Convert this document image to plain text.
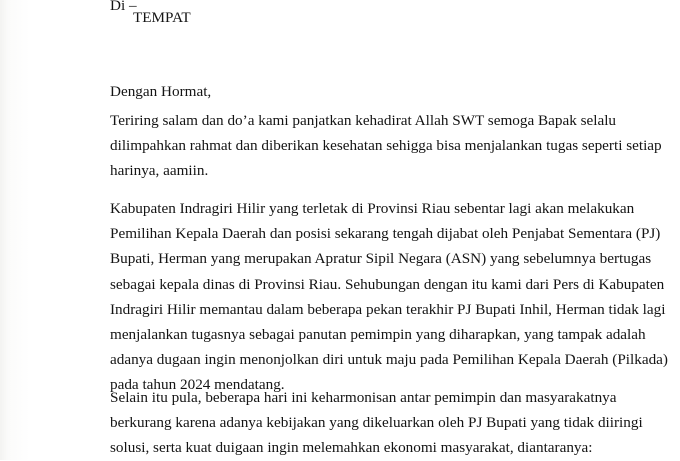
Di –
TEMPAT
Dengan Hormat,
Teriring salam dan do’a kami panjatkan kehadirat Allah SWT semoga Bapak selalu
dilimpahkan rahmat dan diberikan kesehatan sehigga bisa menjalankan tugas seperti setiap
harinya, aamiin.
Kabupaten Indragiri Hilir yang terletak di Provinsi Riau sebentar lagi akan melakukan
Pemilihan Kepala Daerah dan posisi sekarang tengah dijabat oleh Penjabat Sementara (PJ)
Bupati, Herman yang merupakan Apratur Sipil Negara (ASN) yang sebelumnya bertugas
sebagai kepala dinas di Provinsi Riau. Sehubungan dengan itu kami dari Pers di Kabupaten
Indragiri Hilir memantau dalam beberapa pekan terakhir PJ Bupati Inhil, Herman tidak lagi
menjalankan tugasnya sebagai panutan pemimpin yang diharapkan, yang tampak adalah
adanya dugaan ingin menonjolkan diri untuk maju pada Pemilihan Kepala Daerah (Pilkada)
pada tahun 2024 mendatang.
Selain itu pula, beberapa hari ini keharmonisan antar pemimpin dan masyarakatnya
berkurang karena adanya kebijakan yang dikeluarkan oleh PJ Bupati yang tidak diiringi
solusi, serta kuat duigaan ingin melemahkan ekonomi masyarakat, diantaranya:
